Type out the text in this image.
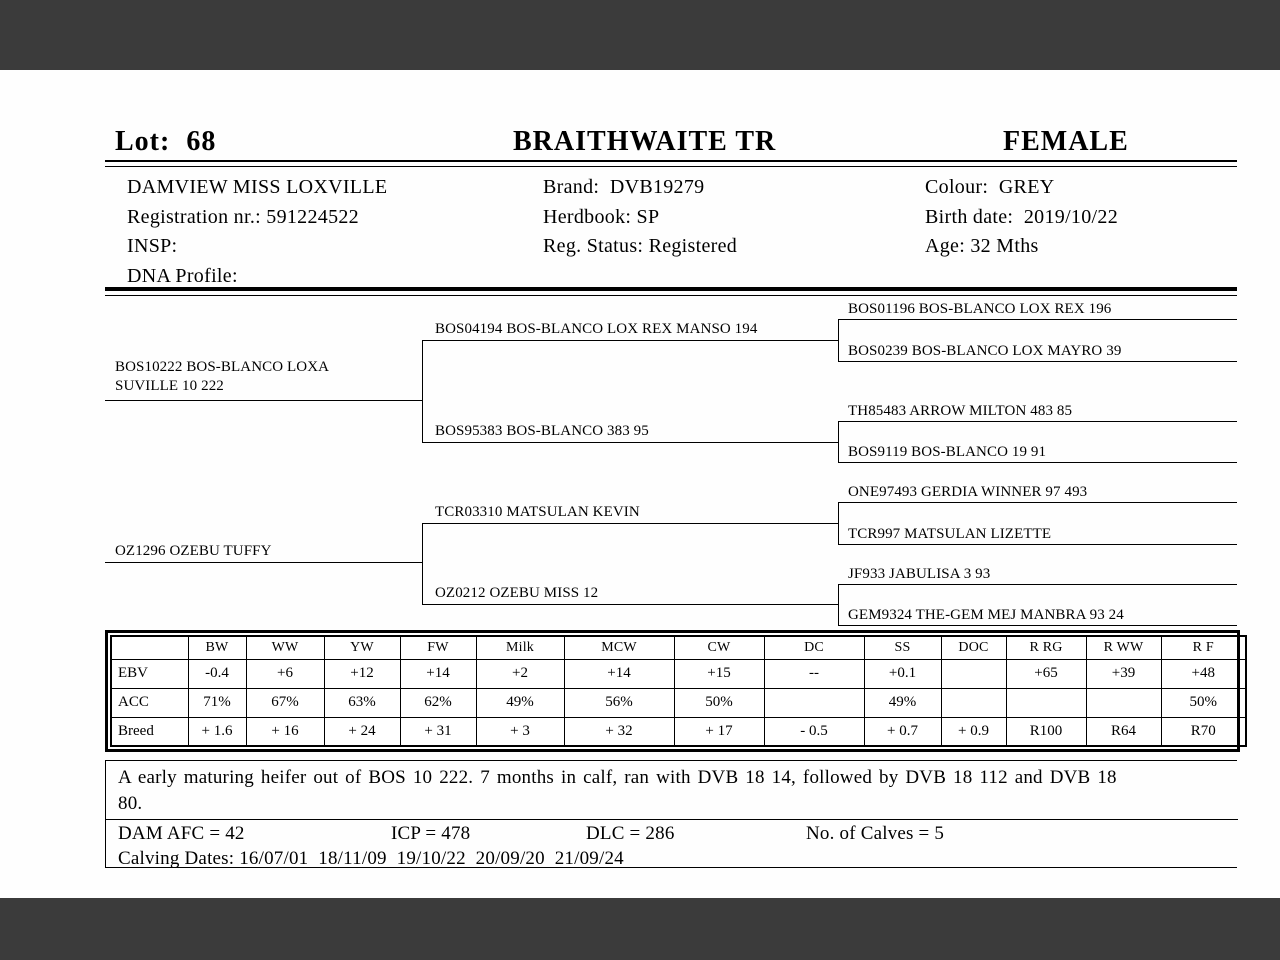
Lot:  68	BRAITHWAITE TR	FEMALE
DAMVIEW MISS LOXVILLE
Registration nr.: 591224522
INSP:
DNA Profile:
Brand:  DVB19279
Herdbook: SP
Reg. Status: Registered
Colour:  GREY
Birth date:  2019/10/22
Age: 32 Mths
BOS10222 BOS-BLANCO LOXA SUVILLE 10 222
OZ1296 OZEBU TUFFY
BOS04194 BOS-BLANCO LOX REX MANSO 194
BOS95383 BOS-BLANCO 383 95
TCR03310 MATSULAN KEVIN
OZ0212 OZEBU MISS 12
BOS01196 BOS-BLANCO LOX REX 196
BOS0239 BOS-BLANCO LOX MAYRO 39
TH85483 ARROW MILTON 483 85
BOS9119 BOS-BLANCO 19 91
ONE97493 GERDIA WINNER 97 493
TCR997 MATSULAN LIZETTE
JF933 JABULISA 3 93
GEM9324 THE-GEM MEJ MANBRA 93 24
	BW	WW	YW	FW	Milk	MCW	CW	DC	SS	DOC	R RG	R WW	R F
EBV	-0.4	+6	+12	+14	+2	+14	+15	--	+0.1		+65	+39	+48
ACC	71%	67%	63%	62%	49%	56%	50%		49%				50%
Breed	+ 1.6	+ 16	+ 24	+ 31	+ 3	+ 32	+ 17	- 0.5	+ 0.7	+ 0.9	R100	R64	R70
A early maturing heifer out of BOS 10 222. 7 months in calf, ran with DVB 18 14, followed by DVB 18 112 and DVB 18 80.
DAM AFC = 42	ICP = 478	DLC = 286	No. of Calves = 5
Calving Dates: 16/07/01  18/11/09  19/10/22  20/09/20  21/09/24
